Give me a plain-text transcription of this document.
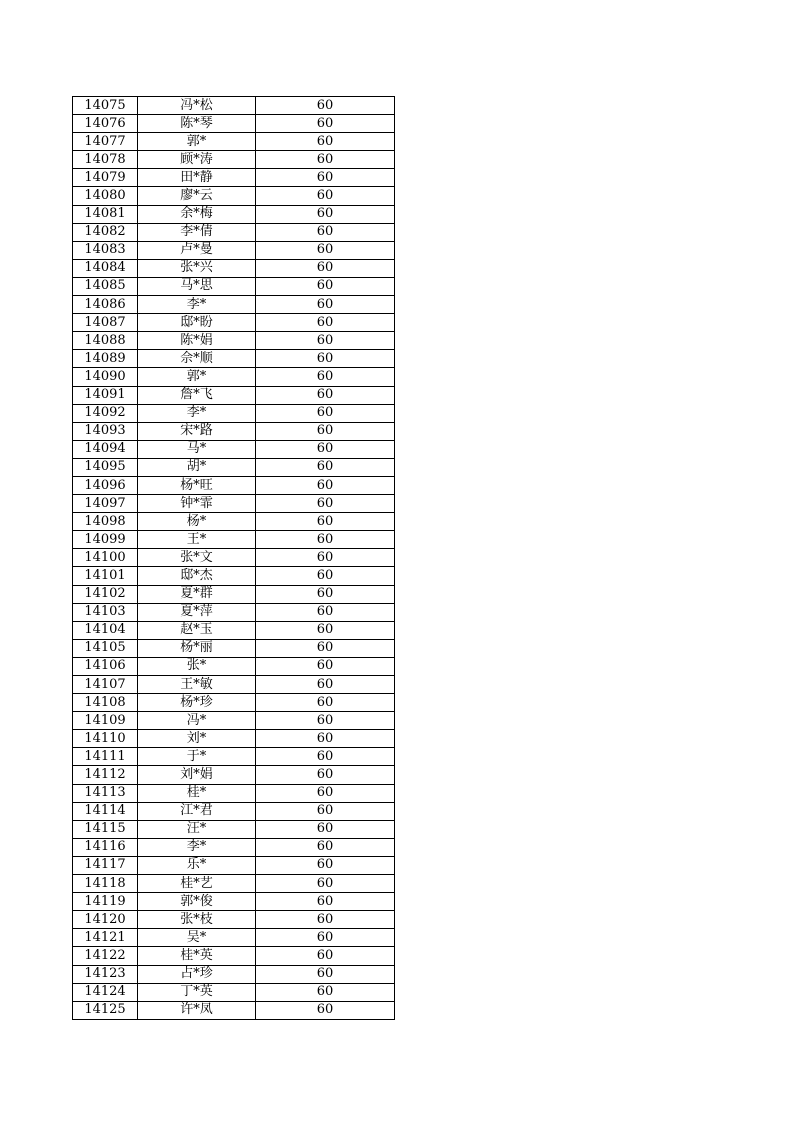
14075	冯*松	60
14076	陈*琴	60
14077	郭*	60
14078	顾*涛	60
14079	田*静	60
14080	廖*云	60
14081	余*梅	60
14082	李*倩	60
14083	卢*曼	60
14084	张*兴	60
14085	马*思	60
14086	李*	60
14087	邸*盼	60
14088	陈*娟	60
14089	佘*顺	60
14090	郭*	60
14091	詹*飞	60
14092	李*	60
14093	宋*路	60
14094	马*	60
14095	胡*	60
14096	杨*旺	60
14097	钟*霏	60
14098	杨*	60
14099	王*	60
14100	张*文	60
14101	邸*杰	60
14102	夏*群	60
14103	夏*萍	60
14104	赵*玉	60
14105	杨*丽	60
14106	张*	60
14107	王*敏	60
14108	杨*珍	60
14109	冯*	60
14110	刘*	60
14111	于*	60
14112	刘*娟	60
14113	桂*	60
14114	江*君	60
14115	汪*	60
14116	李*	60
14117	乐*	60
14118	桂*艺	60
14119	郭*俊	60
14120	张*枝	60
14121	吴*	60
14122	桂*英	60
14123	占*珍	60
14124	丁*英	60
14125	许*凤	60
